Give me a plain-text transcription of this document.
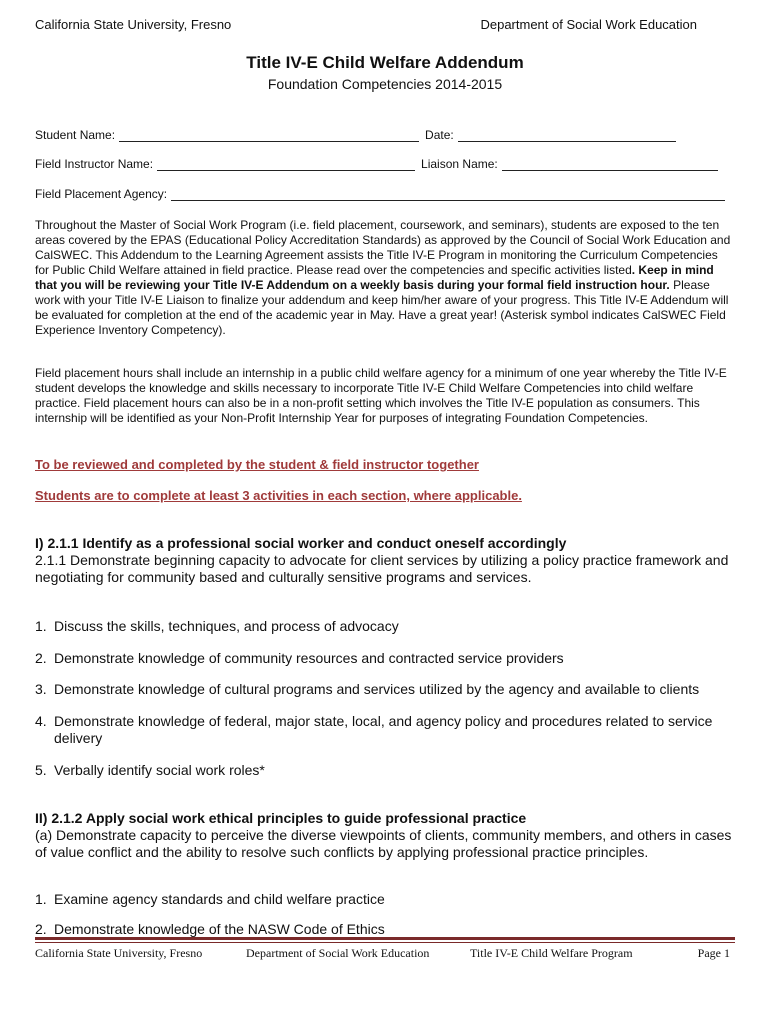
California State University, Fresno	Department of Social Work Education
Title IV-E Child Welfare Addendum
Foundation Competencies 2014-2015
Student Name:	Date:
Field Instructor Name:	Liaison Name:
Field Placement Agency:

Throughout the Master of Social Work Program (i.e. field placement, coursework, and seminars), students are exposed to the ten areas covered by the EPAS (Educational Policy Accreditation Standards) as approved by the Council of Social Work Education and CalSWEC. This Addendum to the Learning Agreement assists the Title IV-E Program in monitoring the Curriculum Competencies for Public Child Welfare attained in field practice. Please read over the competencies and specific activities listed. Keep in mind that you will be reviewing your Title IV-E Addendum on a weekly basis during your formal field instruction hour. Please work with your Title IV-E Liaison to finalize your addendum and keep him/her aware of your progress. This Title IV-E Addendum will be evaluated for completion at the end of the academic year in May. Have a great year! (Asterisk symbol indicates CalSWEC Field Experience Inventory Competency).

Field placement hours shall include an internship in a public child welfare agency for a minimum of one year whereby the Title IV-E student develops the knowledge and skills necessary to incorporate Title IV-E Child Welfare Competencies into child welfare practice. Field placement hours can also be in a non-profit setting which involves the Title IV-E population as consumers. This internship will be identified as your Non-Profit Internship Year for purposes of integrating Foundation Competencies.

To be reviewed and completed by the student & field instructor together
Students are to complete at least 3 activities in each section, where applicable.
I) 2.1.1 Identify as a professional social worker and conduct oneself accordingly
2.1.1 Demonstrate beginning capacity to advocate for client services by utilizing a policy practice framework and negotiating for community based and culturally sensitive programs and services.
1. Discuss the skills, techniques, and process of advocacy
2. Demonstrate knowledge of community resources and contracted service providers
3. Demonstrate knowledge of cultural programs and services utilized by the agency and available to clients
4. Demonstrate knowledge of federal, major state, local, and agency policy and procedures related to service delivery
5. Verbally identify social work roles*
II) 2.1.2 Apply social work ethical principles to guide professional practice
(a) Demonstrate capacity to perceive the diverse viewpoints of clients, community members, and others in cases of value conflict and the ability to resolve such conflicts by applying professional practice principles.
1. Examine agency standards and child welfare practice
2. Demonstrate knowledge of the NASW Code of Ethics
California State University, Fresno	Department of Social Work Education	Title IV-E Child Welfare Program	Page 1
